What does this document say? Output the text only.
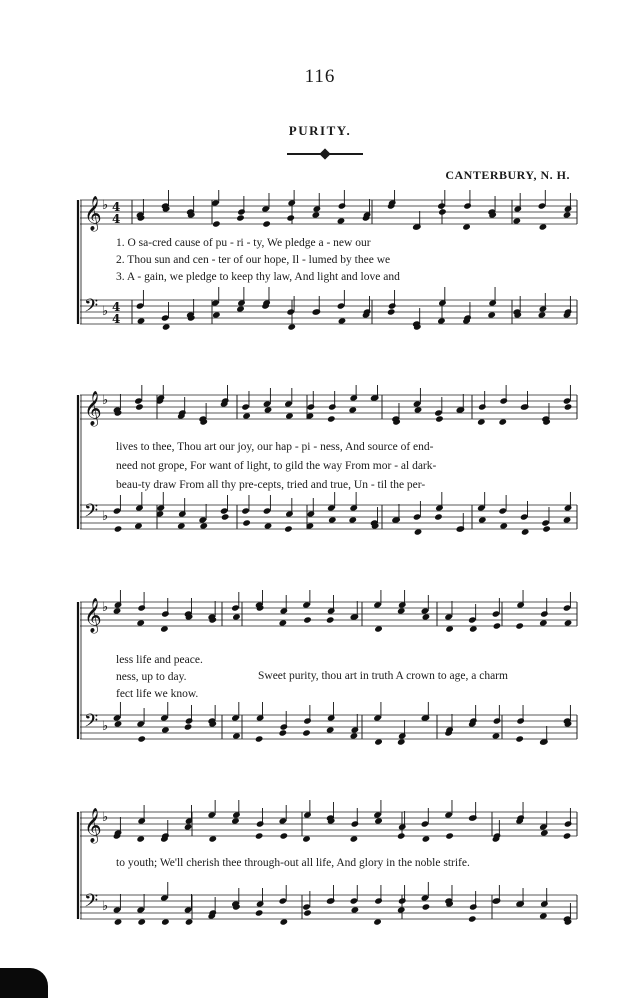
116
PURITY.
CANTERBURY, N. H.
𝄞 ♭ 4
4
𝄢 ♭ 4
4
1. O sa-cred cause of pu - ri - ty, We pledge a - new our
2. Thou sun and cen - ter of our hope, Il - lumed by thee we
3. A - gain, we pledge to keep thy law, And light and love and
𝄞 ♭
𝄢 ♭
lives to thee, Thou art our joy, our hap - pi - ness, And source of end-
need not grope, For want of light, to gild the way From mor - al dark-
beau-ty draw From all thy pre-cepts, tried and true, Un - til the per-
𝄞 ♭
𝄢 ♭
less life and peace.
ness, up to day.
fect life we know.
Sweet purity, thou art in truth A crown to age, a charm
𝄞 ♭
𝄢 ♭
to youth; We'll cherish thee through-out all life, And glory in the noble strife.
